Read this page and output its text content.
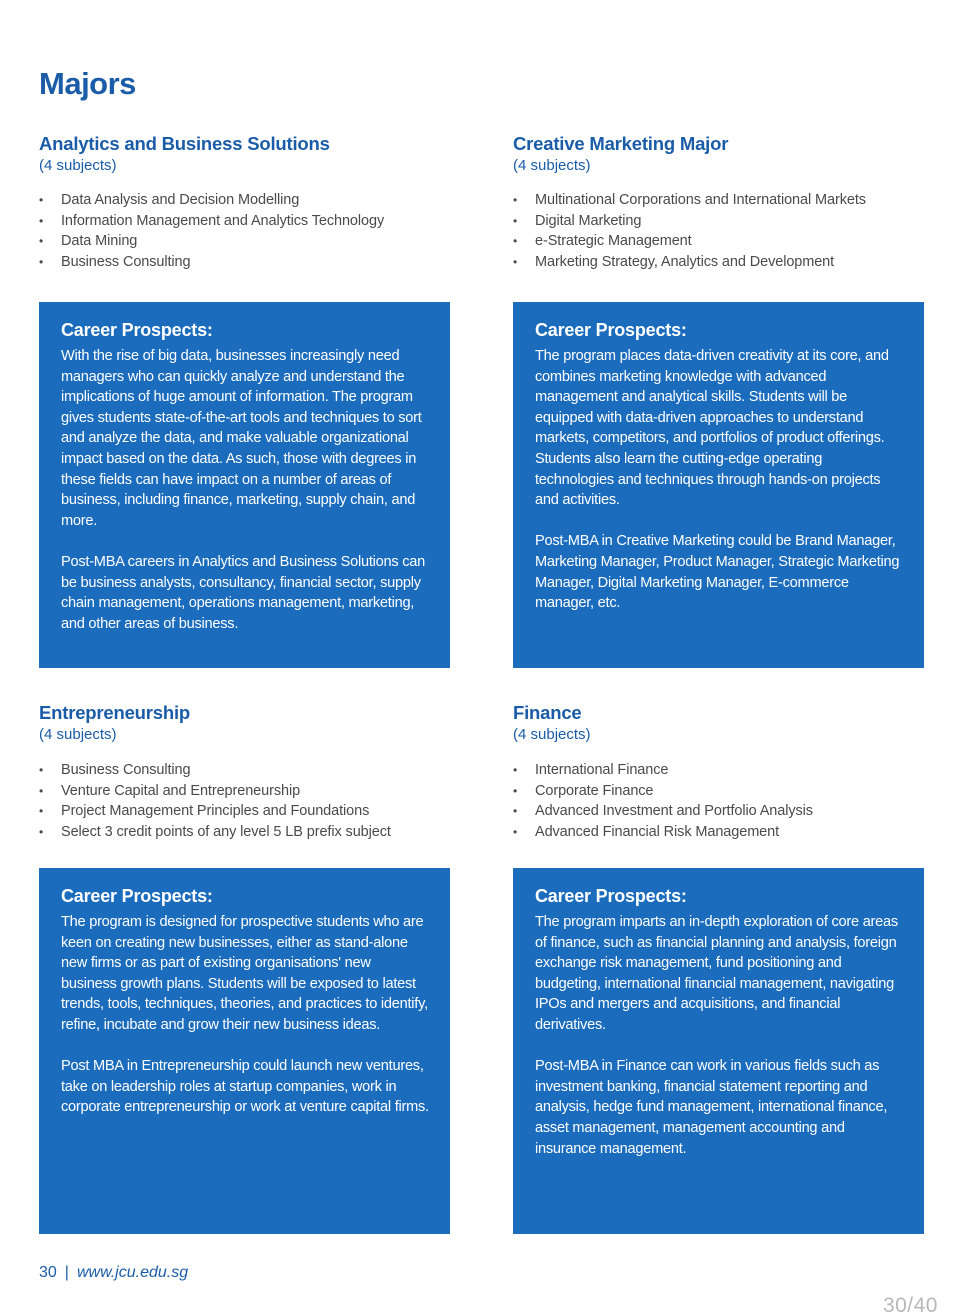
Majors
Analytics and Business Solutions
(4 subjects)
• Data Analysis and Decision Modelling
• Information Management and Analytics Technology
• Data Mining
• Business Consulting
Career Prospects:
With the rise of big data, businesses increasingly need managers who can quickly analyze and understand the implications of huge amount of information. The program gives students state-of-the-art tools and techniques to sort and analyze the data, and make valuable organizational impact based on the data. As such, those with degrees in these fields can have impact on a number of areas of business, including finance, marketing, supply chain, and more.
Post-MBA careers in Analytics and Business Solutions can be business analysts, consultancy, financial sector, supply chain management, operations management, marketing, and other areas of business.
Creative Marketing Major
(4 subjects)
• Multinational Corporations and International Markets
• Digital Marketing
• e-Strategic Management
• Marketing Strategy, Analytics and Development
Career Prospects:
The program places data-driven creativity at its core, and combines marketing knowledge with advanced management and analytical skills. Students will be equipped with data-driven approaches to understand markets, competitors, and portfolios of product offerings. Students also learn the cutting-edge operating technologies and techniques through hands-on projects and activities.
Post-MBA in Creative Marketing could be Brand Manager, Marketing Manager, Product Manager, Strategic Marketing Manager, Digital Marketing Manager, E-commerce manager, etc.
Entrepreneurship
(4 subjects)
• Business Consulting
• Venture Capital and Entrepreneurship
• Project Management Principles and Foundations
• Select 3 credit points of any level 5 LB prefix subject
Career Prospects:
The program is designed for prospective students who are keen on creating new businesses, either as stand-alone new firms or as part of existing organisations' new business growth plans. Students will be exposed to latest trends, tools, techniques, theories, and practices to identify, refine, incubate and grow their new business ideas.
Post MBA in Entrepreneurship could launch new ventures, take on leadership roles at startup companies, work in corporate entrepreneurship or work at venture capital firms.
Finance
(4 subjects)
• International Finance
• Corporate Finance
• Advanced Investment and Portfolio Analysis
• Advanced Financial Risk Management
Career Prospects:
The program imparts an in-depth exploration of core areas of finance, such as financial planning and analysis, foreign exchange risk management, fund positioning and budgeting, international financial management, navigating IPOs and mergers and acquisitions, and financial derivatives.
Post-MBA in Finance can work in various fields such as investment banking, financial statement reporting and analysis, hedge fund management, international finance, asset management, management accounting and insurance management.
30 | www.jcu.edu.sg
30/40
